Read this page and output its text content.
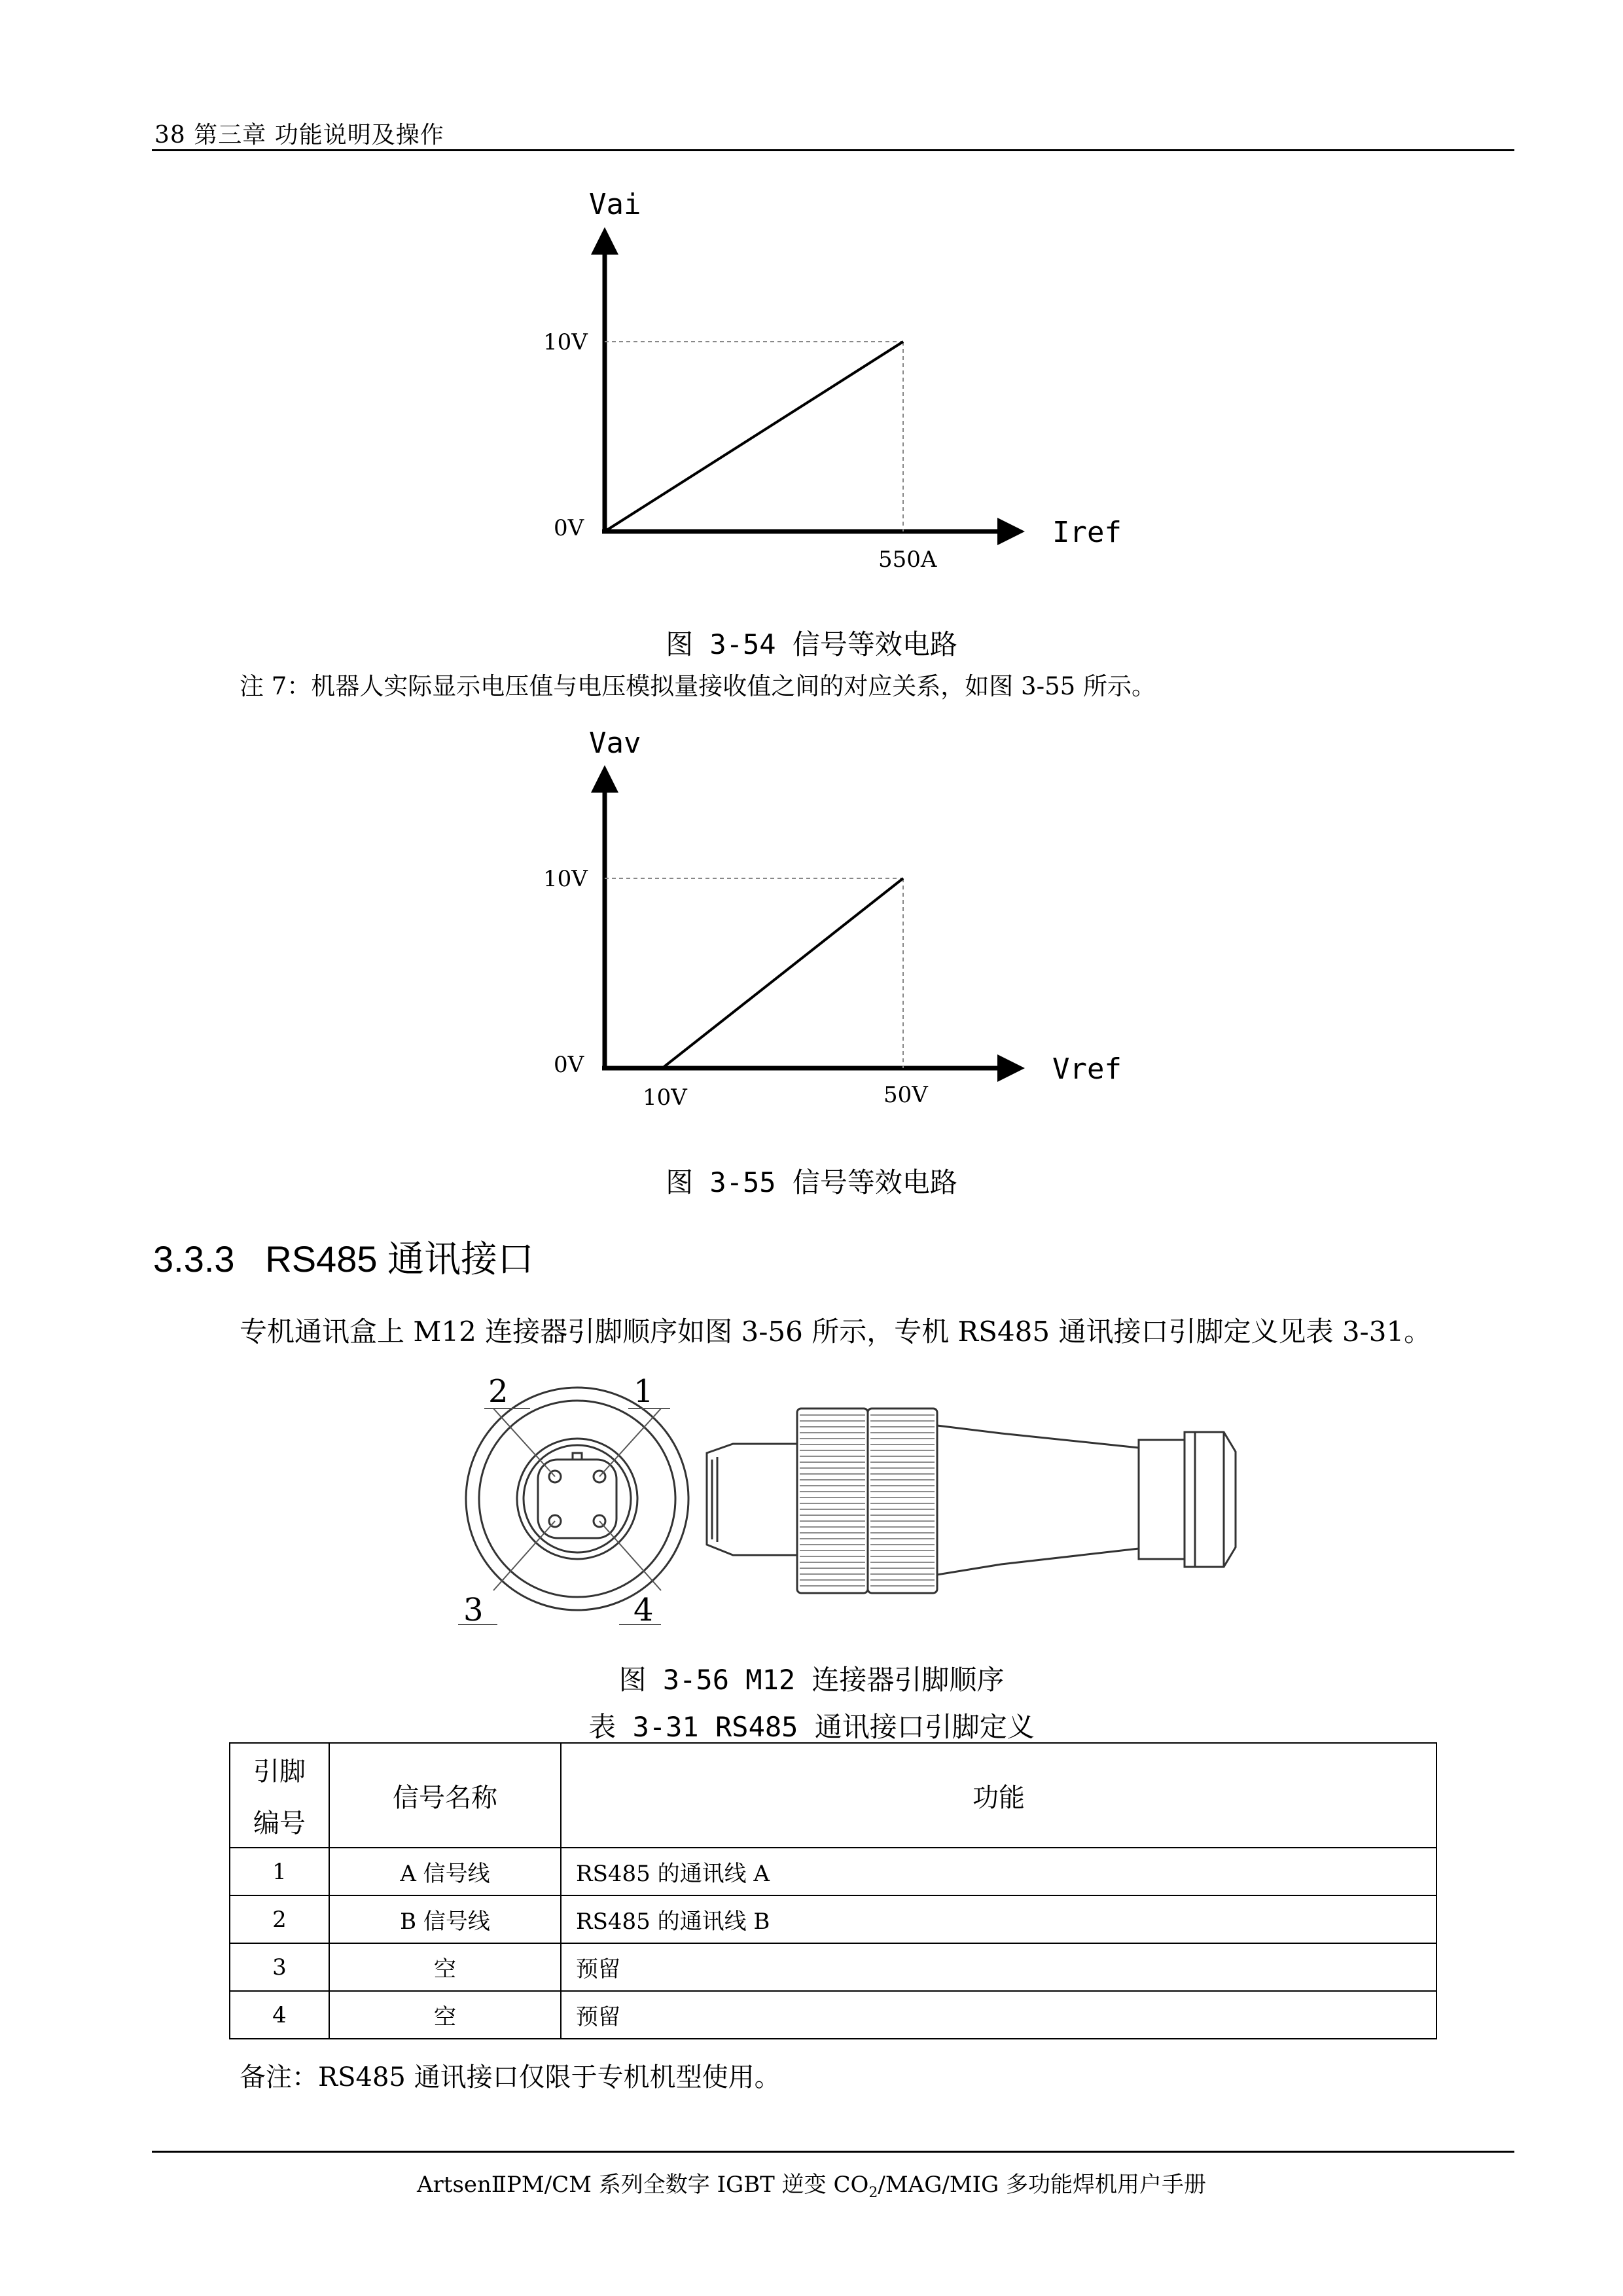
38 第三章 功能说明及操作
Vai
Iref
10V
0V
550A
图 3-54 信号等效电路
注 7：机器人实际显示电压值与电压模拟量接收值之间的对应关系，如图 3-55 所示。
Vav
Vref
10V
0V
10V	50V
图 3-55 信号等效电路
3.3.3 RS485 通讯接口
专机通讯盒上 M12 连接器引脚顺序如图 3-56 所示，专机 RS485 通讯接口引脚定义见表 3-31。
2	1
3	4
图 3-56 M12 连接器引脚顺序
表 3-31 RS485 通讯接口引脚定义
引脚
编号	信号名称	功能
1	A 信号线	RS485 的通讯线 A
2	B 信号线	RS485 的通讯线 B
3	空	预留
4	空	预留
备注：RS485 通讯接口仅限于专机机型使用。
ArtsenⅡPM/CM 系列全数字 IGBT 逆变 $CO_2/MAG$/MIG 多功能焊机用户手册
